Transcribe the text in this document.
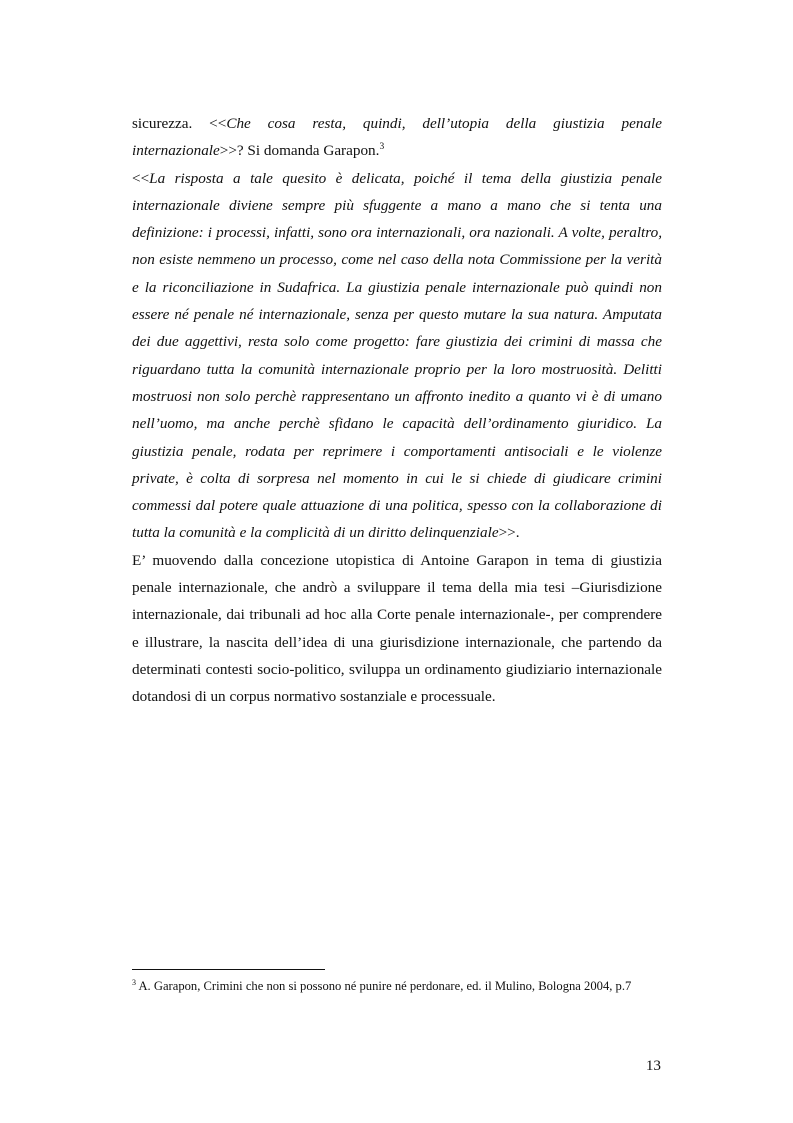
sicurezza. <<Che cosa resta, quindi, dell’utopia della giustizia penale internazionale>>? Si domanda Garapon.$^3$

<<La risposta a tale quesito è delicata, poiché il tema della giustizia penale internazionale diviene sempre più sfuggente a mano a mano che si tenta una definizione: i processi, infatti, sono ora internazionali, ora nazionali. A volte, peraltro, non esiste nemmeno un processo, come nel caso della nota Commissione per la verità e la riconciliazione in Sudafrica. La giustizia penale internazionale può quindi non essere né penale né internazionale, senza per questo mutare la sua natura. Amputata dei due aggettivi, resta solo come progetto: fare giustizia dei crimini di massa che riguardano tutta la comunità internazionale proprio per la loro mostruosità. Delitti mostruosi non solo perchè rappresentano un affronto inedito a quanto vi è di umano nell’uomo, ma anche perchè sfidano le capacità dell’ordinamento giuridico. La giustizia penale, rodata per reprimere i comportamenti antisociali e le violenze private, è colta di sorpresa nel momento in cui le si chiede di giudicare crimini commessi dal potere quale attuazione di una politica, spesso con la collaborazione di tutta la comunità e la complicità di un diritto delinquenziale>>.

E’ muovendo dalla concezione utopistica di Antoine Garapon in tema di giustizia penale internazionale, che andrò a sviluppare il tema della mia tesi –Giurisdizione internazionale, dai tribunali ad hoc alla Corte penale internazionale-, per comprendere e illustrare, la nascita dell’idea di una giurisdizione internazionale, che partendo da determinati contesti socio-politico, sviluppa un ordinamento giudiziario internazionale dotandosi di un corpus normativo sostanziale e processuale.

$^3$ A. Garapon, Crimini che non si possono né punire né perdonare, ed. il Mulino, Bologna 2004, p.7
13
